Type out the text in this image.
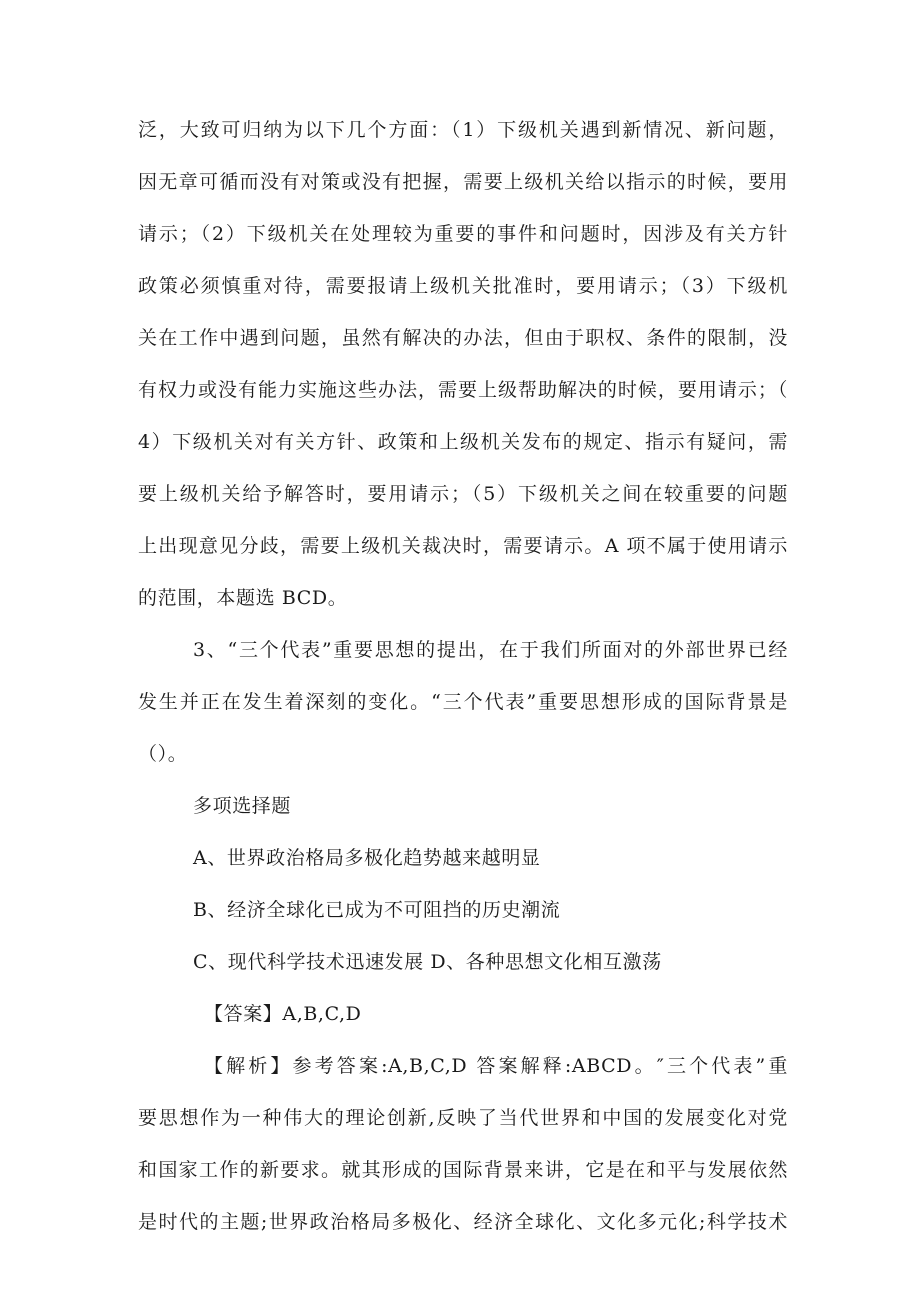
泛，大致可归纳为以下几个方面：（1）下级机关遇到新情况、新问题，
因无章可循而没有对策或没有把握，需要上级机关给以指示的时候，要用
请示；（2）下级机关在处理较为重要的事件和问题时，因涉及有关方针
政策必须慎重对待，需要报请上级机关批准时，要用请示；（3）下级机
关在工作中遇到问题，虽然有解决的办法，但由于职权、条件的限制，没
有权力或没有能力实施这些办法，需要上级帮助解决的时候，要用请示；（
4）下级机关对有关方针、政策和上级机关发布的规定、指示有疑问，需
要上级机关给予解答时，要用请示；（5）下级机关之间在较重要的问题
上出现意见分歧，需要上级机关裁决时，需要请示。A 项不属于使用请示
的范围，本题选 BCD。
3、“三个代表”重要思想的提出，在于我们所面对的外部世界已经
发生并正在发生着深刻的变化。“三个代表”重要思想形成的国际背景是
（）。
多项选择题
A、世界政治格局多极化趋势越来越明显
B、经济全球化已成为不可阻挡的历史潮流
C、现代科学技术迅速发展 D、各种思想文化相互激荡
【答案】A,B,C,D
【解析】参考答案:A,B,C,D 答案解释:ABCD。″三个代表”重
要思想作为一种伟大的理论创新,反映了当代世界和中国的发展变化对党
和国家工作的新要求。就其形成的国际背景来讲，它是在和平与发展依然
是时代的主题;世界政治格局多极化、经济全球化、文化多元化;科学技术
